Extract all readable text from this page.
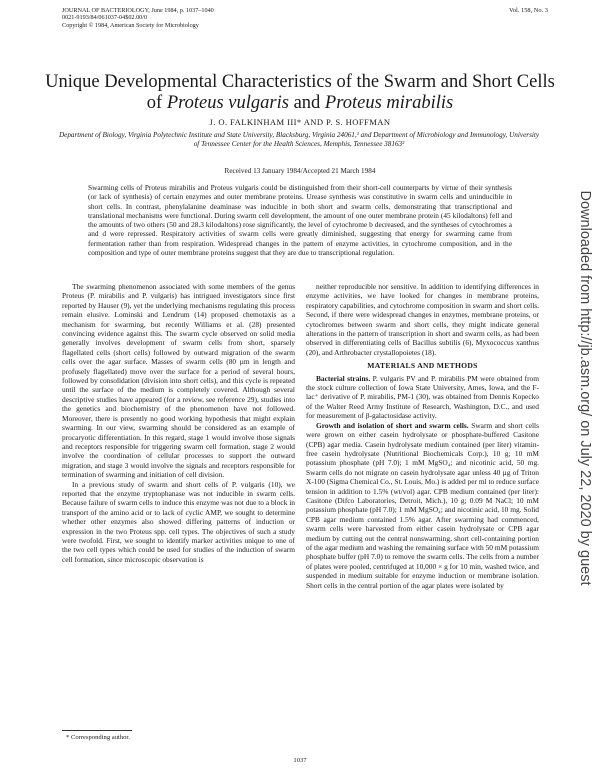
JOURNAL OF BACTERIOLOGY, June 1984, p. 1037–1040
0021-9193/84/061037-04$02.00/0
Copyright © 1984, American Society for Microbiology
Vol. 158, No. 3
Unique Developmental Characteristics of the Swarm and Short Cells
of Proteus vulgaris and Proteus mirabilis
J. O. FALKINHAM III* AND P. S. HOFFMAN
Department of Biology, Virginia Polytechnic Institute and State University, Blacksburg, Virginia 24061,¹ and Department of Microbiology and Immunology, University of Tennessee Center for the Health Sciences, Memphis, Tennessee 38163²
Received 13 January 1984/Accepted 21 March 1984
Swarming cells of Proteus mirabilis and Proteus vulgaris could be distinguished from their short-cell counterparts by virtue of their synthesis (or lack of synthesis) of certain enzymes and outer membrane proteins. Urease synthesis was constitutive in swarm cells and uninducible in short cells. In contrast, phenylalanine deaminase was inducible in both short and swarm cells, demonstrating that transcriptional and translational mechanisms were functional. During swarm cell development, the amount of one outer membrane protein (45 kilodaltons) fell and the amounts of two others (50 and 28.3 kilodaltons) rose significantly, the level of cytochrome b decreased, and the syntheses of cytochromes a and d were repressed. Respiratory activities of swarm cells were greatly diminished, suggesting that energy for swarming came from fermentation rather than from respiration. Widespread changes in the pattern of enzyme activities, in cytochrome composition, and in the composition and type of outer membrane proteins suggest that they are due to transcriptional regulation.

The swarming phenomenon associated with some members of the genus Proteus (P. mirabilis and P. vulgaris) has intrigued investigators since first reported by Hauser (9), yet the underlying mechanisms regulating this process remain elusive. Lominski and Lendrum (14) proposed chemotaxis as a mechanism for swarming, but recently Williams et al. (28) presented convincing evidence against this. The swarm cycle observed on solid media generally involves development of swarm cells from short, sparsely flagellated cells (short cells) followed by outward migration of the swarm cells over the agar surface. Masses of swarm cells (80 µm in length and profusely flagellated) move over the surface for a period of several hours, followed by consolidation (division into short cells), and this cycle is repeated until the surface of the medium is completely covered. Although several descriptive studies have appeared (for a review, see reference 29), studies into the genetics and biochemistry of the phenomenon have not followed. Moreover, there is presently no good working hypothesis that might explain swarming. In our view, swarming should be considered as an example of procaryotic differentiation. In this regard, stage 1 would involve those signals and receptors responsible for triggering swarm cell formation, stage 2 would involve the coordination of cellular processes to support the outward migration, and stage 3 would involve the signals and receptors responsible for termination of swarming and initiation of cell division.

In a previous study of swarm and short cells of P. vulgaris (10), we reported that the enzyme tryptophanase was not inducible in swarm cells. Because failure of swarm cells to induce this enzyme was not due to a block in transport of the amino acid or to lack of cyclic AMP, we sought to determine whether other enzymes also showed differing patterns of induction or expression in the two Proteus spp. cell types. The objectives of such a study were twofold. First, we sought to identify marker activities unique to one of the two cell types which could be used for studies of the induction of swarm cell formation, since microscopic observation is

neither reproducible nor sensitive. In addition to identifying differences in enzyme activities, we have looked for changes in membrane proteins, respiratory capabilities, and cytochrome composition in swarm and short cells. Second, if there were widespread changes in enzymes, membrane proteins, or cytochromes between swarm and short cells, they might indicate general alterations in the pattern of transcription in short and swarm cells, as had been observed in differentiating cells of Bacillus subtilis (6), Myxococcus xanthus (20), and Arthrobacter crystallopoietes (18).

MATERIALS AND METHODS

Bacterial strains. P. vulgaris PV and P. mirabilis PM were obtained from the stock culture collection of Iowa State University, Ames, Iowa, and the F-lac⁺ derivative of P. mirabilis, PM-1 (30), was obtained from Dennis Kopecko of the Walter Reed Army Institute of Research, Washington, D.C., and used for measurement of β-galactosidase activity.

Growth and isolation of short and swarm cells. Swarm and short cells were grown on either casein hydrolysate or phosphate-buffered Casitone (CPB) agar media. Casein hydrolysate medium contained (per liter) vitamin-free casein hydrolysate (Nutritional Biochemicals Corp.), 10 g; 10 mM potassium phosphate (pH 7.0); 1 mM MgSO₄; and nicotinic acid, 50 mg. Swarm cells do not migrate on casein hydrolysate agar unless 40 µg of Triton X-100 (Sigma Chemical Co., St. Louis, Mo.) is added per ml to reduce surface tension in addition to 1.5% (wt/vol) agar. CPB medium contained (per liter): Casitone (Difco Laboratories, Detroit, Mich.), 10 g; 0.09 M NaCl; 10 mM potassium phosphate (pH 7.0); 1 mM MgSO₄; and nicotinic acid, 10 mg. Solid CPB agar medium contained 1.5% agar. After swarming had commenced, swarm cells were harvested from either casein hydrolysate or CPB agar medium by cutting out the central nonswarming, short cell-containing portion of the agar medium and washing the remaining surface with 50 mM potassium phosphate buffer (pH 7.0) to remove the swarm cells. The cells from a number of plates were pooled, centrifuged at 10,000 × g for 10 min, washed twice, and suspended in medium suitable for enzyme induction or membrane isolation. Short cells in the central portion of the agar plates were isolated by

* Corresponding author.
1037
Downloaded from http://jb.asm.org/ on July 22, 2020 by guest
